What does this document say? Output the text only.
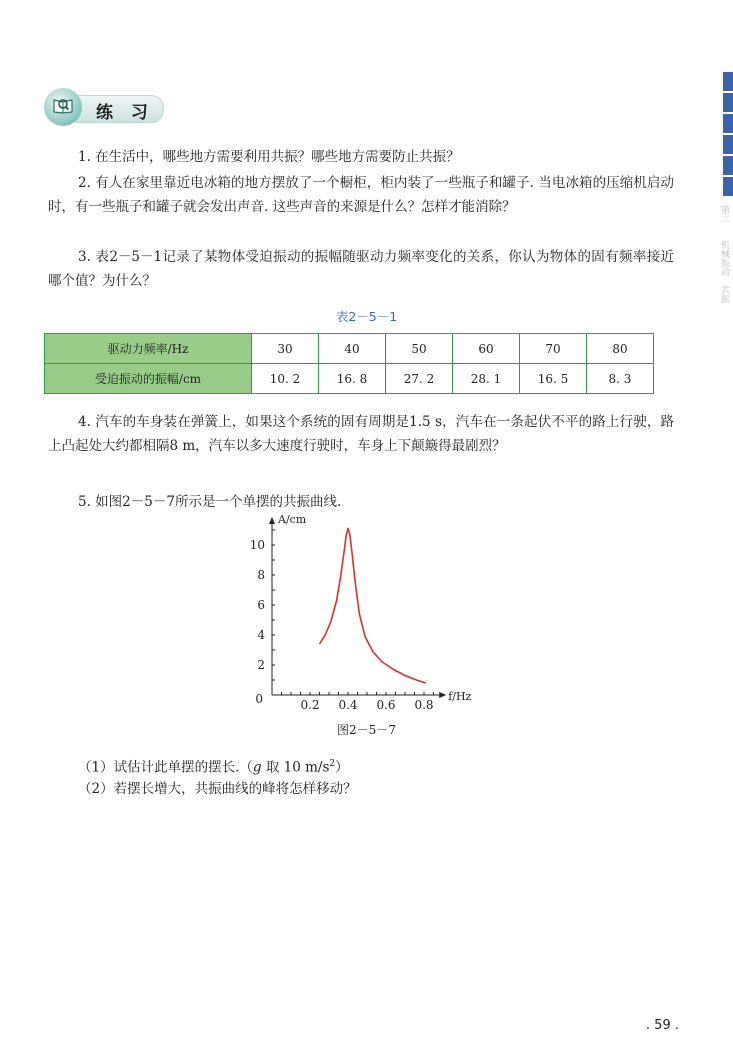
第二
机械振动
共振
练 习
1. 在生活中，哪些地方需要利用共振？哪些地方需要防止共振？
2. 有人在家里靠近电冰箱的地方摆放了一个橱柜，柜内装了一些瓶子和罐子. 当电冰箱的压缩机启动时，有一些瓶子和罐子就会发出声音. 这些声音的来源是什么？怎样才能消除？
3. 表2－5－1记录了某物体受迫振动的振幅随驱动力频率变化的关系，你认为物体的固有频率接近哪个值？为什么？
表2－5－1
驱动力频率/Hz	30	40	50	60	70	80
受迫振动的振幅/cm	10. 2	16. 8	27. 2	28. 1	16. 5	8. 3
4. 汽车的车身装在弹簧上，如果这个系统的固有周期是1.5 s，汽车在一条起伏不平的路上行驶，路上凸起处大约都相隔8 m，汽车以多大速度行驶时，车身上下颠簸得最剧烈？
5. 如图2－5－7所示是一个单摆的共振曲线.
0.2 0.4 0.6 0.8
2
4
6
8
10
0
A/cm
f/Hz
图2－5－7
（1）试估计此单摆的摆长.（g 取 10 $m/s^2$）
（2）若摆长增大，共振曲线的峰将怎样移动？
. 59 .
